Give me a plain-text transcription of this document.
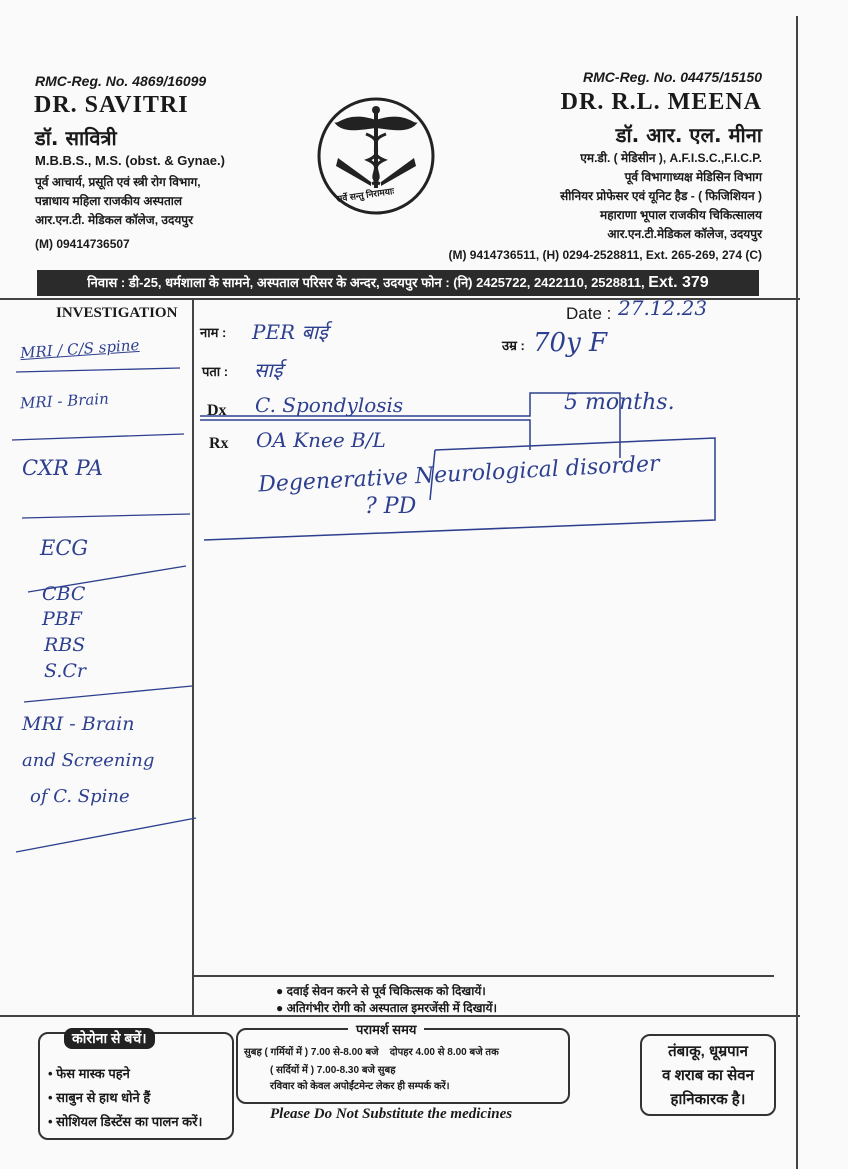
RMC-Reg. No. 4869/16099
DR. SAVITRI
डॉ. सावित्री
M.B.B.S., M.S. (obst. & Gynae.)
पूर्व आचार्य, प्रसूति एवं स्त्री रोग विभाग,
पन्नाधाय महिला राजकीय अस्पताल
आर.एन.टी. मेडिकल कॉलेज, उदयपुर
(M) 09414736507
सर्वे सन्तु निरामयाः
RMC-Reg. No. 04475/15150
DR. R.L. MEENA
डॉ. आर. एल. मीना
एम.डी. ( मेडिसीन ), A.F.I.S.C.,F.I.C.P.
पूर्व विभागाध्यक्ष मेडिसिन विभाग
सीनियर प्रोफेसर एवं यूनिट हैड - ( फिजिशियन )
महाराणा भूपाल राजकीय चिकित्सालय
आर.एन.टी.मेडिकल कॉलेज, उदयपुर
(M) 9414736511, (H) 0294-2528811, Ext. 265-269, 274 (C)
निवास : डी-25, धर्मशाला के सामने, अस्पताल परिसर के अन्दर, उदयपुर फोन : (नि) 2425722, 2422110, 2528811, Ext. 379
INVESTIGATION
नाम :
पता :
उम्र :
Date :
Dx
Rx
27.12.23
PER बाई
साई
70y F
C. Spondylosis	5 months.
OA Knee B/L
Degenerative Neurological disorder
? PD
MRI / C/S spine
MRI - Brain
CXR PA
ECG
CBC
PBF
RBS
S.Cr
MRI - Brain
and Screening
of C. Spine
● दवाई सेवन करने से पूर्व चिकित्सक को दिखायें।
● अतिगंभीर रोगी को अस्पताल इमरजेंसी में दिखायें।
कोरोना से बचें।
• फेस मास्क पहने
• साबुन से हाथ धोने हैं
• सोशियल डिस्टेंस का पालन करें।
परामर्श समय
सुबह ( गर्मियों में ) 7.00 से-8.00 बजे    दोपहर 4.00 से 8.00 बजे तक
( सर्दियों में ) 7.00-8.30 बजे सुबह
रविवार को केवल अपोईंटमेन्ट लेकर ही सम्पर्क करें।
Please Do Not Substitute the medicines
तंबाकू, धूम्रपान
व शराब का सेवन
हानिकारक है।
